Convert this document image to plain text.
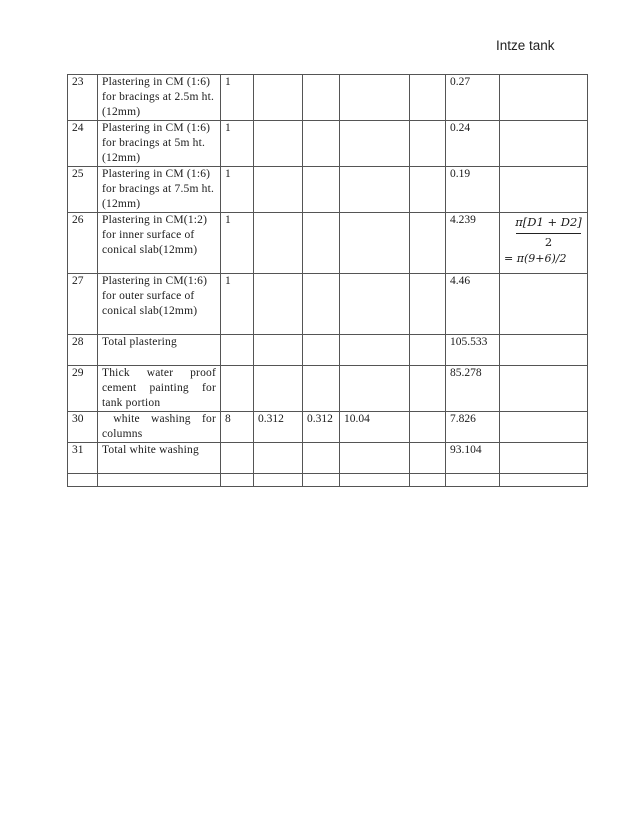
Intze tank
23	Plastering in CM (1:6) for bracings at 2.5m ht.(12mm)	1					0.27	
24	Plastering in CM (1:6) for bracings at 5m ht.(12mm)	1					0.24	
25	Plastering in CM (1:6) for bracings at 7.5m ht.(12mm)	1					0.19	
26	Plastering in CM(1:2) for inner surface of conical slab(12mm)	1					4.239	π[D1 + D2]
2
= π(9+6)/2

27	Plastering in CM(1:6) for outer surface of conical slab(12mm)	1					4.46	
28	Total plastering						105.533	
29	Thick water proof cement painting for tank portion						85.278	
30	white washing for columns	8	0.312	0.312	10.04		7.826	
31	Total white washing						93.104	
